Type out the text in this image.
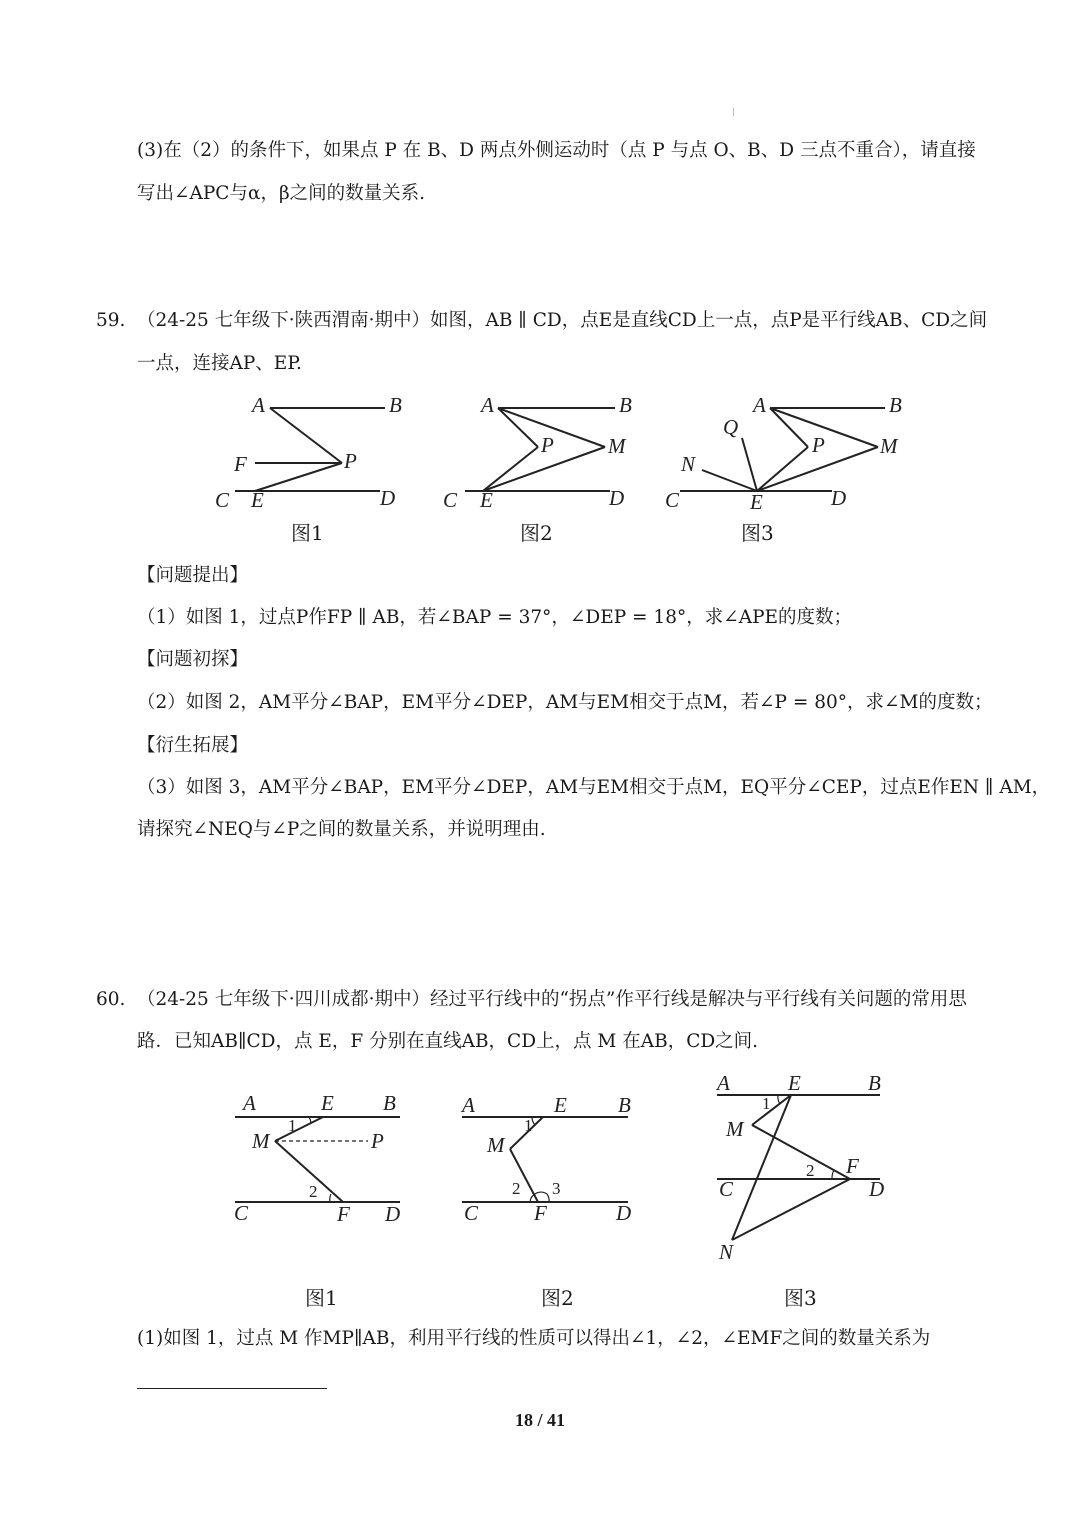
(3)在（2）的条件下，如果点 P 在 B、D 两点外侧运动时（点 P 与点 O、B、D 三点不重合），请直接
写出∠APC与α，β之间的数量关系.
59. （24-25 七年级下·陕西渭南·期中）如图，AB ∥ CD，点E是直线CD上一点，点P是平行线AB、CD之间
一点，连接AP、EP.
A	B
F	P
C E	D
图1
A	B
P	M
C E	D
图2
A	B
Q
P	M
N
C	E	D
图3
【问题提出】
（1）如图 1，过点P作FP ∥ AB，若∠BAP = 37°，∠DEP = 18°，求∠APE的度数；
【问题初探】
（2）如图 2，AM平分∠BAP，EM平分∠DEP，AM与EM相交于点M，若∠P = 80°，求∠M的度数；
【衍生拓展】
（3）如图 3，AM平分∠BAP，EM平分∠DEP，AM与EM相交于点M，EQ平分∠CEP，过点E作EN ∥ AM，
请探究∠NEQ与∠P之间的数量关系，并说明理由.
60. （24-25 七年级下·四川成都·期中）经过平行线中的“拐点”作平行线是解决与平行线有关问题的常用思
路．已知AB∥CD，点 E，F 分别在直线AB，CD上，点 M 在AB，CD之间.
A	E B
1
M	P
2
C	F D
图1
A	E B
1
M
2 3
C	F	D
图2
A	E	B
1
M
2 F
C	D
N
图3
(1)如图 1，过点 M 作MP∥AB，利用平行线的性质可以得出∠1，∠2，∠EMF之间的数量关系为
18 / 41
